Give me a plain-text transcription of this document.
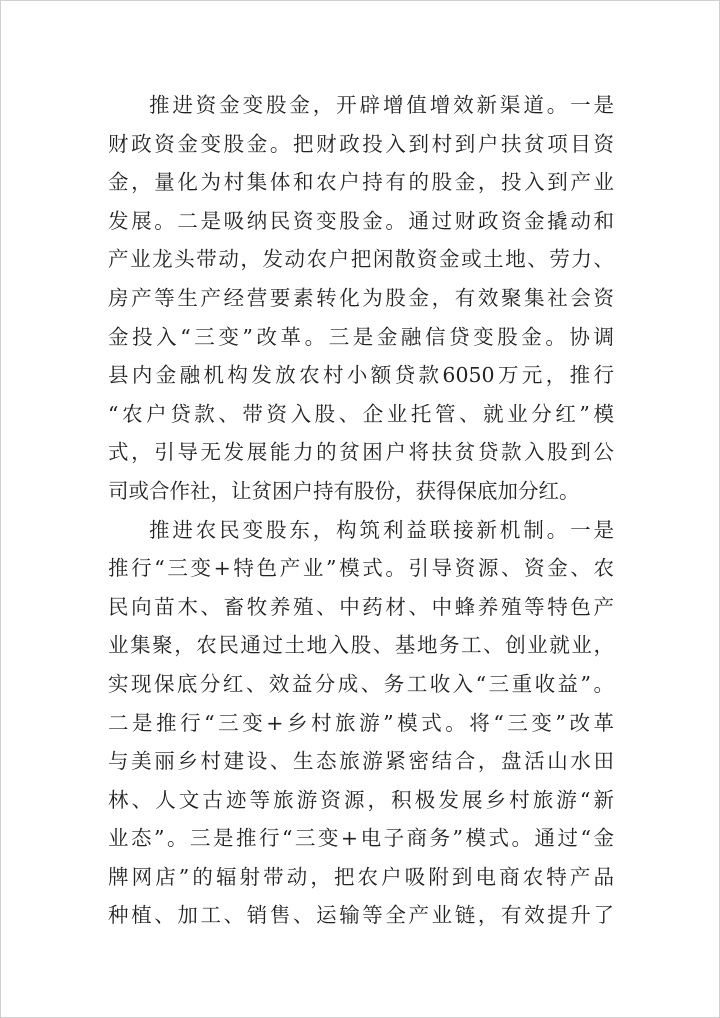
推进资金变股金，开辟增值增效新渠道。一是
财政资金变股金。把财政投入到村到户扶贫项目资
金，量化为村集体和农户持有的股金，投入到产业
发展。二是吸纳民资变股金。通过财政资金撬动和
产业龙头带动，发动农户把闲散资金或土地、劳力、
房产等生产经营要素转化为股金，有效聚集社会资
金投入“三变”改革。三是金融信贷变股金。协调
县内金融机构发放农村小额贷款6050万元，推行
“农户贷款、带资入股、企业托管、就业分红”模
式，引导无发展能力的贫困户将扶贫贷款入股到公
司或合作社，让贫困户持有股份，获得保底加分红。
推进农民变股东，构筑利益联接新机制。一是
推行“三变+特色产业”模式。引导资源、资金、农
民向苗木、畜牧养殖、中药材、中蜂养殖等特色产
业集聚，农民通过土地入股、基地务工、创业就业，
实现保底分红、效益分成、务工收入“三重收益”。
二是推行“三变+乡村旅游”模式。将“三变”改革
与美丽乡村建设、生态旅游紧密结合，盘活山水田
林、人文古迹等旅游资源，积极发展乡村旅游“新
业态”。三是推行“三变+电子商务”模式。通过“金
牌网店”的辐射带动，把农户吸附到电商农特产品
种植、加工、销售、运输等全产业链，有效提升了
